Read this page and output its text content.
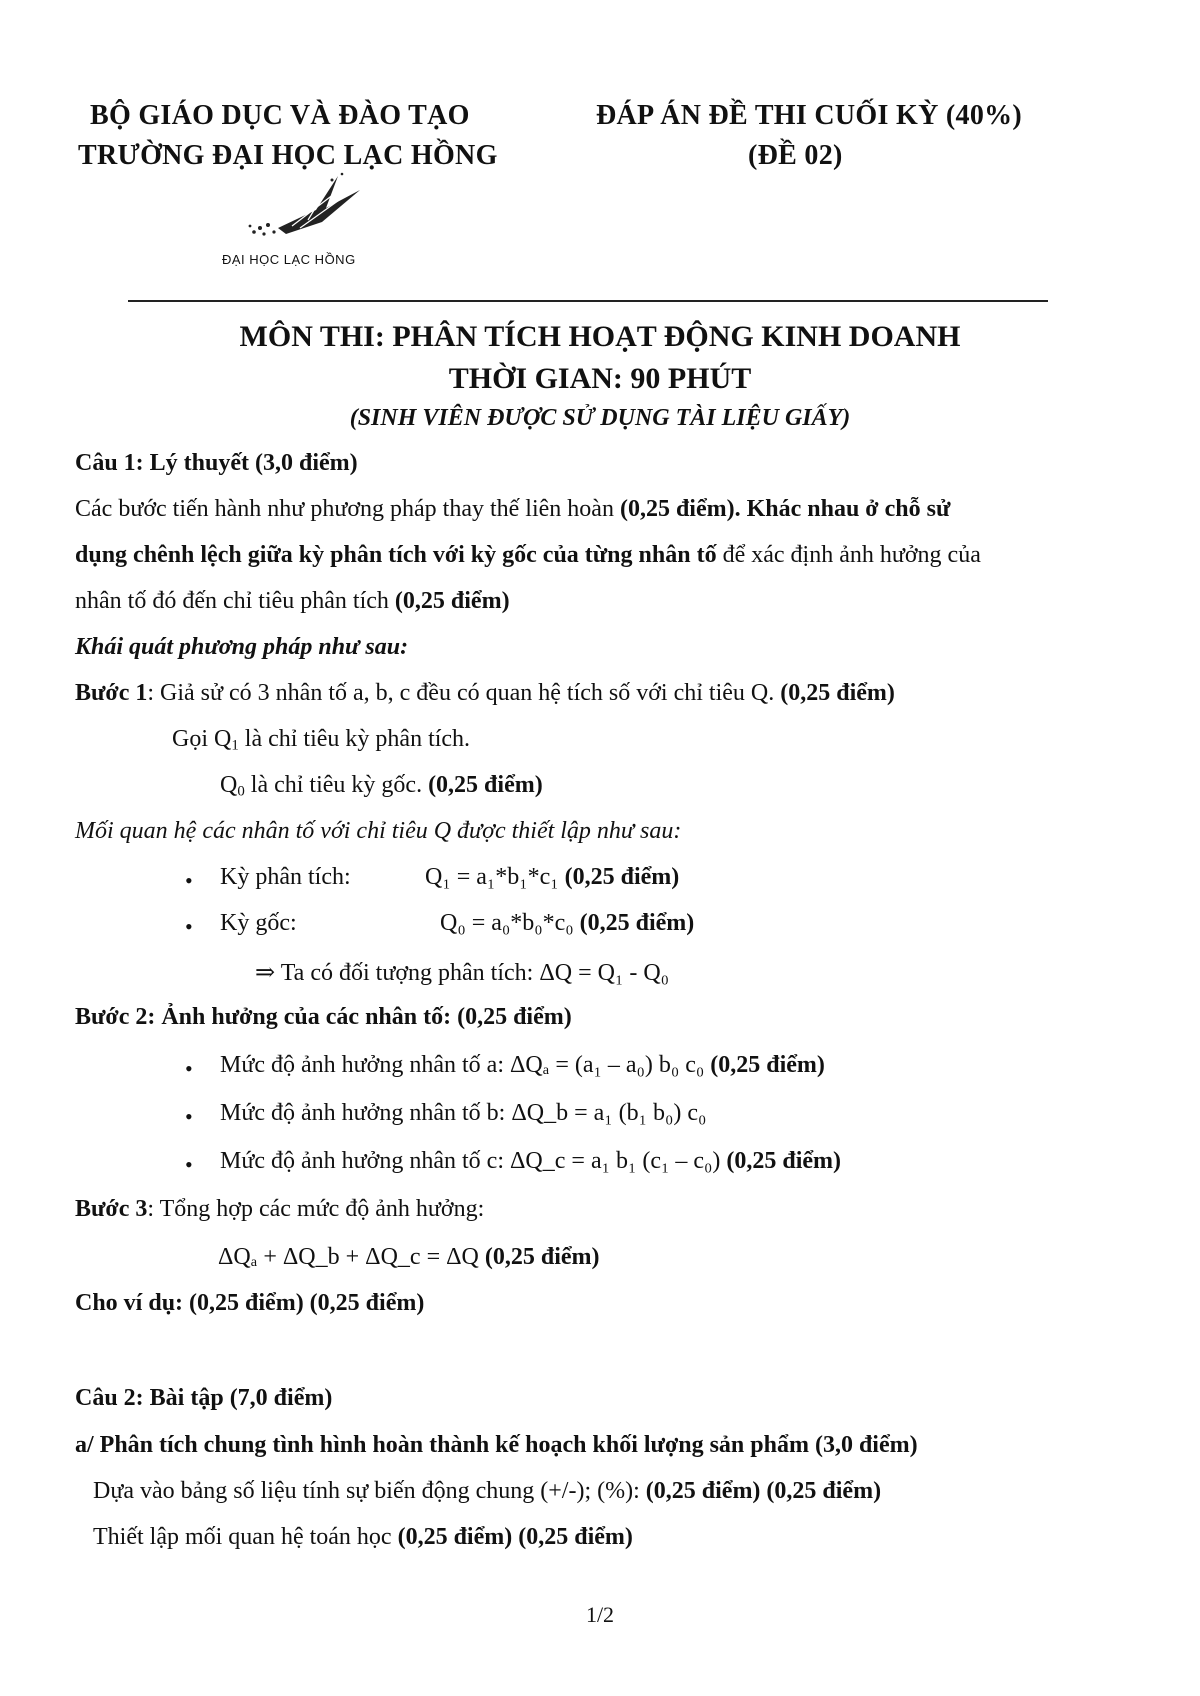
BỘ GIÁO DỤC VÀ ĐÀO TẠO
TRƯỜNG ĐẠI HỌC LẠC HỒNG
ĐÁP ÁN ĐỀ THI CUỐI KỲ (40%)
(ĐỀ 02)
ĐẠI HỌC LẠC HỒNG
MÔN THI: PHÂN TÍCH HOẠT ĐỘNG KINH DOANH
THỜI GIAN: 90 PHÚT
(SINH VIÊN ĐƯỢC SỬ DỤNG TÀI LIỆU GIẤY)
Câu 1: Lý thuyết (3,0 điểm)
Các bước tiến hành như phương pháp thay thế liên hoàn (0,25 điểm). Khác nhau ở chỗ sử
dụng chênh lệch giữa kỳ phân tích với kỳ gốc của từng nhân tố để xác định ảnh hưởng của
nhân tố đó đến chỉ tiêu phân tích (0,25 điểm)
Khái quát phương pháp như sau:
Bước 1: Giả sử có 3 nhân tố a, b, c đều có quan hệ tích số với chỉ tiêu Q. (0,25 điểm)
Gọi $Q_1$ là chỉ tiêu kỳ phân tích.
$Q_0$ là chỉ tiêu kỳ gốc. (0,25 điểm)
Mối quan hệ các nhân tố với chỉ tiêu Q được thiết lập như sau:
• Kỳ phân tích:	Q₁ = a₁*b₁*c₁ (0,25 điểm)
• Kỳ gốc:	Q₀ = a₀*b₀*c₀ (0,25 điểm)
⇒ Ta có đối tượng phân tích: ΔQ = Q₁ - Q₀
Bước 2: Ảnh hưởng của các nhân tố: (0,25 điểm)
• Mức độ ảnh hưởng nhân tố a: ΔQₐ = (a₁ – a₀) b₀ c₀ (0,25 điểm)
• Mức độ ảnh hưởng nhân tố b: ΔQ_b = a₁ (b₁ b₀) c₀
• Mức độ ảnh hưởng nhân tố c: ΔQ_c = a₁ b₁ (c₁ – c₀) (0,25 điểm)
Bước 3: Tổng hợp các mức độ ảnh hưởng:
ΔQₐ + ΔQ_b + ΔQ_c = ΔQ (0,25 điểm)
Cho ví dụ: (0,25 điểm) (0,25 điểm)
Câu 2: Bài tập (7,0 điểm)
a/ Phân tích chung tình hình hoàn thành kế hoạch khối lượng sản phẩm (3,0 điểm)
Dựa vào bảng số liệu tính sự biến động chung (+/-); (%): (0,25 điểm) (0,25 điểm)
Thiết lập mối quan hệ toán học (0,25 điểm) (0,25 điểm)
1/2
